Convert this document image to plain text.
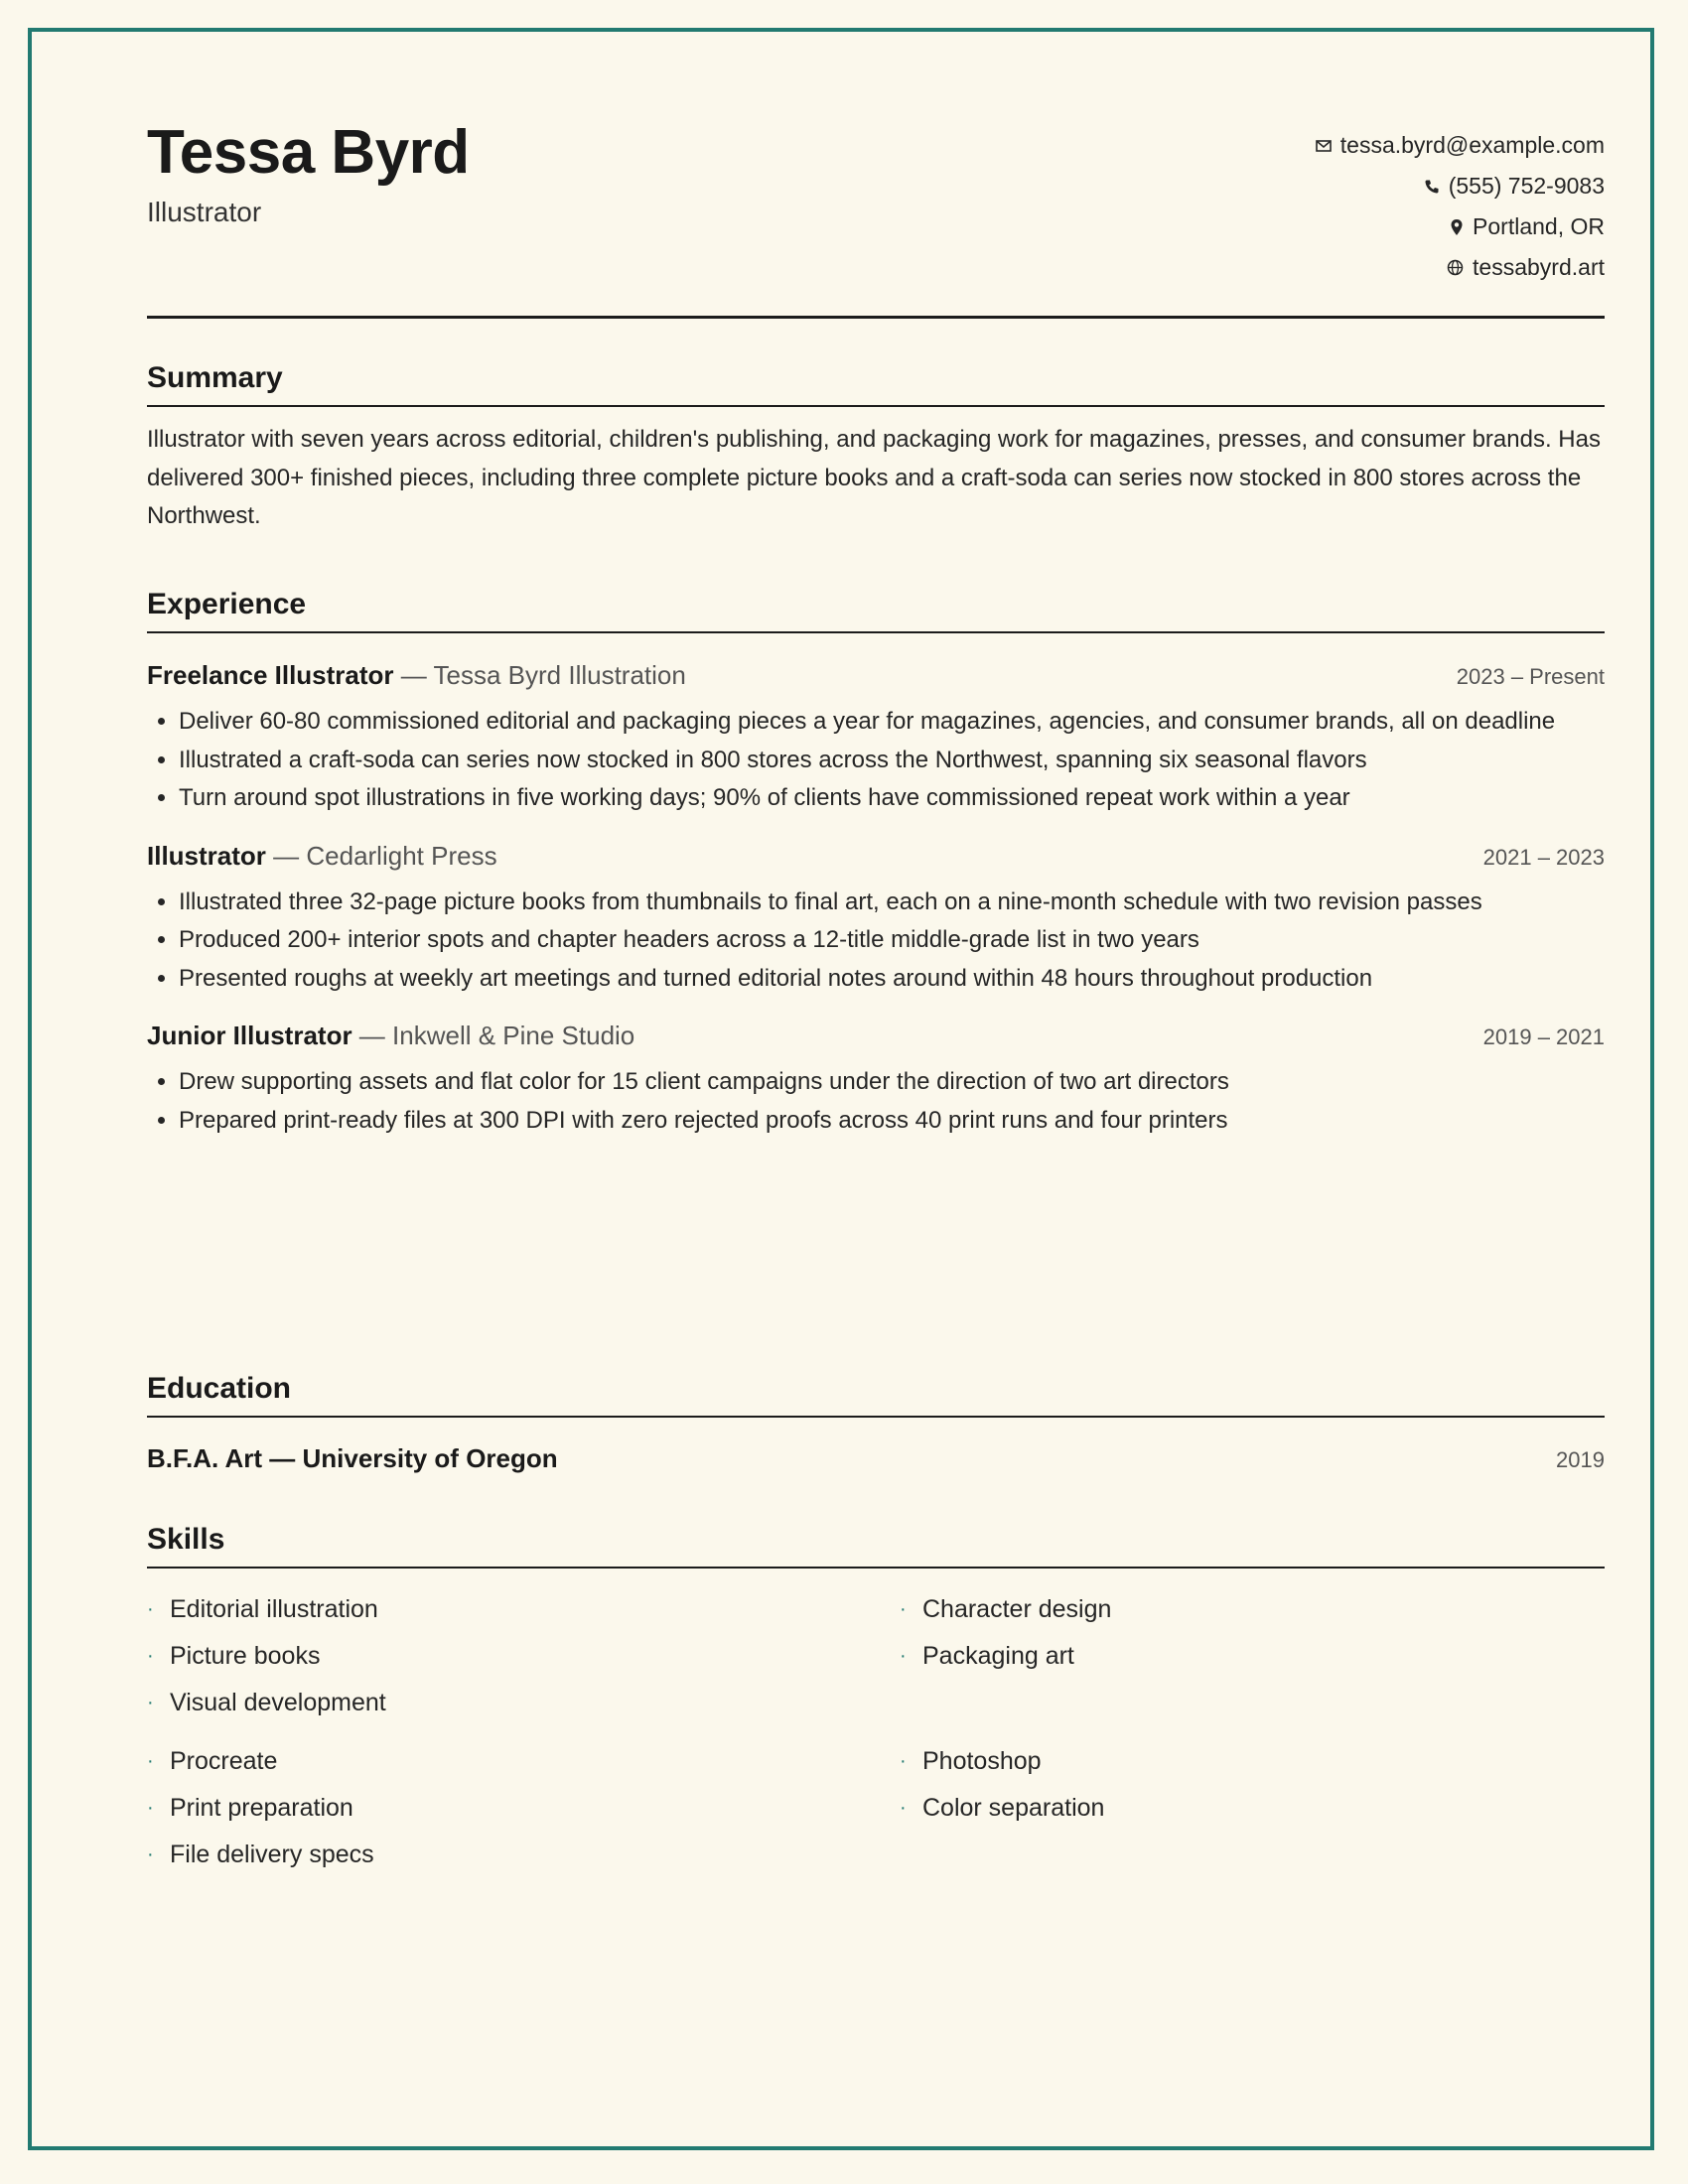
Tessa Byrd
Illustrator
tessa.byrd@example.com
(555) 752-9083
Portland, OR
tessabyrd.art
Summary
Illustrator with seven years across editorial, children's publishing, and packaging work for magazines, presses, and consumer brands. Has delivered 300+ finished pieces, including three complete picture books and a craft-soda can series now stocked in 800 stores across the Northwest.
Experience
Freelance Illustrator — Tessa Byrd Illustration	2023 – Present
• Deliver 60-80 commissioned editorial and packaging pieces a year for magazines, agencies, and consumer brands, all on deadline
• Illustrated a craft-soda can series now stocked in 800 stores across the Northwest, spanning six seasonal flavors
• Turn around spot illustrations in five working days; 90% of clients have commissioned repeat work within a year
Illustrator — Cedarlight Press	2021 – 2023
• Illustrated three 32-page picture books from thumbnails to final art, each on a nine-month schedule with two revision passes
• Produced 200+ interior spots and chapter headers across a 12-title middle-grade list in two years
• Presented roughs at weekly art meetings and turned editorial notes around within 48 hours throughout production
Junior Illustrator — Inkwell & Pine Studio	2019 – 2021
• Drew supporting assets and flat color for 15 client campaigns under the direction of two art directors
• Prepared print-ready files at 300 DPI with zero rejected proofs across 40 print runs and four printers
Education
B.F.A. Art — University of Oregon	2019
Skills
· Editorial illustration	· Character design
· Picture books	· Packaging art
· Visual development
· Procreate	· Photoshop
· Print preparation	· Color separation
· File delivery specs
